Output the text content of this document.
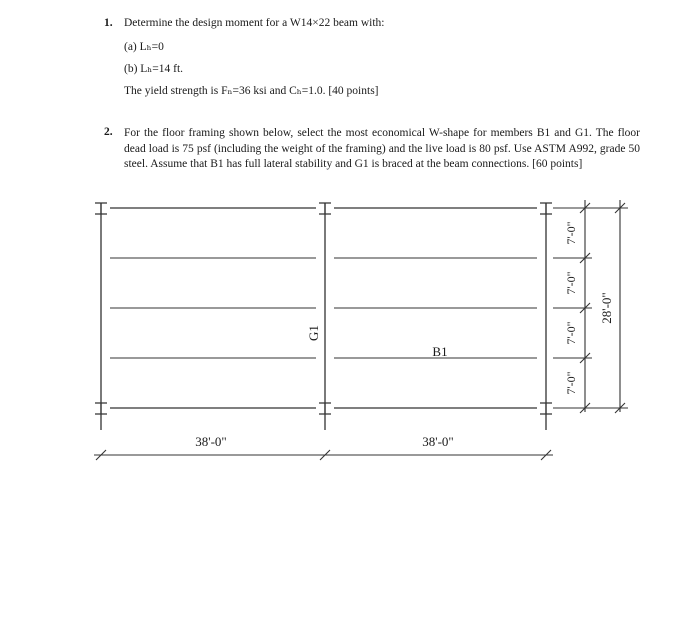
1. Determine the design moment for a W14×22 beam with:
(a) Lₕ=0
(b) Lₕ=14 ft.
The yield strength is Fₙ=36 ksi and Cₕ=1.0. [40 points]
2. For the floor framing shown below, select the most economical W-shape for members B1 and G1. The floor dead load is 75 psf (including the weight of the framing) and the live load is 80 psf. Use ASTM A992, grade 50 steel. Assume that B1 has full lateral stability and G1 is braced at the beam connections. [60 points]
G1
B1
38'-0"	38'-0"
7'-0"
7'-0"
7'-0"
7'-0"
28'-0"
